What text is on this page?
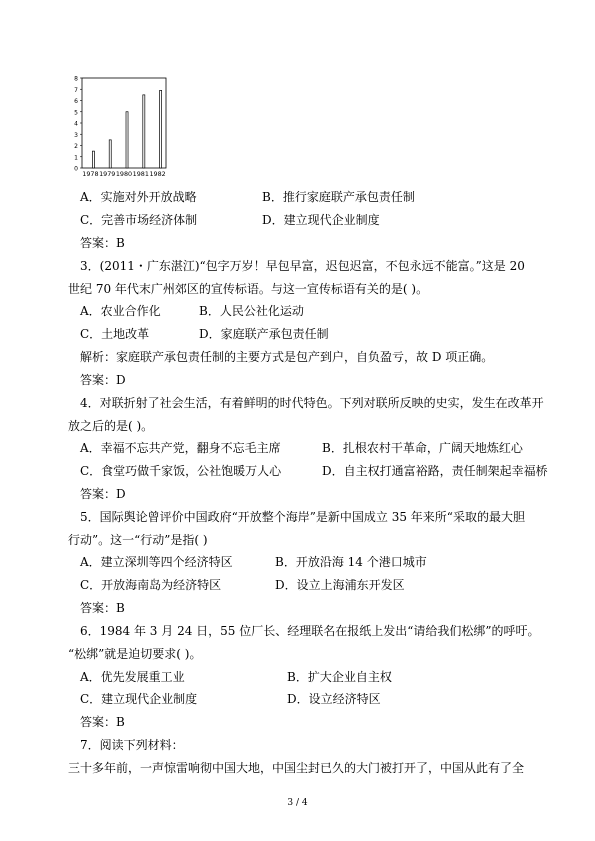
0
1
2
3
4
5
6
7
8
1978 1979 1980 1981 1982
A．实施对外开放战略	B．推行家庭联产承包责任制
C．完善市场经济体制	D．建立现代企业制度
答案：B
3．(2011・广东湛江)“包字万岁！早包早富，迟包迟富，不包永远不能富。”这是 20
世纪 70 年代末广州郊区的宣传标语。与这一宣传标语有关的是( )。
A．农业合作化	B．人民公社化运动
C．土地改革	D．家庭联产承包责任制
解析：家庭联产承包责任制的主要方式是包产到户，自负盈亏，故 D 项正确。
答案：D
4．对联折射了社会生活，有着鲜明的时代特色。下列对联所反映的史实，发生在改革开
放之后的是( )。
A．幸福不忘共产党，翻身不忘毛主席	B．扎根农村干革命，广阔天地炼红心
C．食堂巧做千家饭，公社饱暖万人心	D．自主权打通富裕路，责任制架起幸福桥
答案：D
5．国际舆论曾评价中国政府“开放整个海岸”是新中国成立 35 年来所“采取的最大胆
行动”。这一“行动”是指( )
A．建立深圳等四个经济特区	B．开放沿海 14 个港口城市
C．开放海南岛为经济特区	D．设立上海浦东开发区
答案：B
6．1984 年 3 月 24 日，55 位厂长、经理联名在报纸上发出“请给我们松绑”的呼吁。
“松绑”就是迫切要求( )。
A．优先发展重工业	B．扩大企业自主权
C．建立现代企业制度	D．设立经济特区
答案：B
7．阅读下列材料：
三十多年前，一声惊雷响彻中国大地，中国尘封已久的大门被打开了，中国从此有了全
3 / 4
